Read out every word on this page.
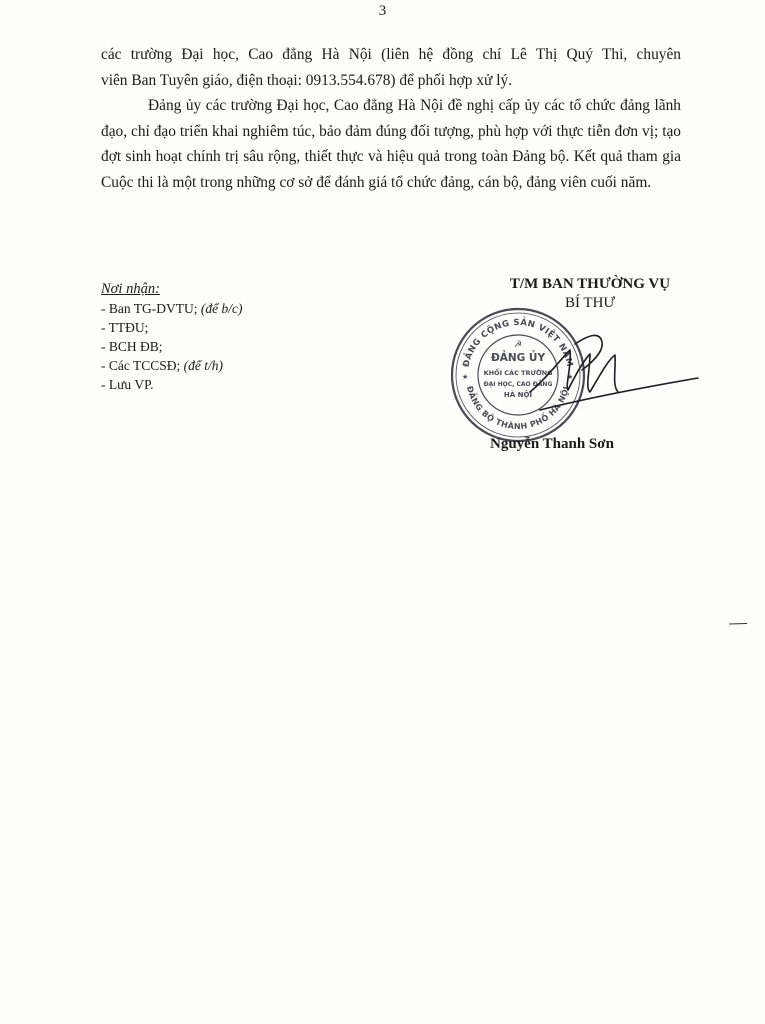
3

các trường Đại học, Cao đẳng Hà Nội (liên hệ đồng chí Lê Thị Quý Thi, chuyên

viên Ban Tuyên giáo, điện thoại: 0913.554.678) để phối hợp xử lý.

Đảng ủy các trường Đại học, Cao đẳng Hà Nội đề nghị cấp ủy các tổ chức đảng lãnh đạo, chỉ đạo triển khai nghiêm túc, bảo đảm đúng đối tượng, phù hợp với thực tiễn đơn vị; tạo đợt sinh hoạt chính trị sâu rộng, thiết thực và hiệu quả trong toàn Đảng bộ. Kết quả tham gia Cuộc thi là một trong những cơ sở để đánh giá tổ chức đảng, cán bộ, đảng viên cuối năm.

Nơi nhận:
- Ban TG-DVTU; (để b/c)
- TTĐU;
- BCH ĐB;
- Các TCCSĐ; (để t/h)
- Lưu VP.
T/M BAN THƯỜNG VỤ
BÍ THƯ
ĐẢNG CỘNG SẢN VIỆT NAM
ĐẢNG BỘ THÀNH PHỐ HÀ NỘI
ĐẢNG ỦY
KHỐI CÁC TRƯỜNG
ĐẠI HỌC, CAO ĐẲNG
HÀ NỘI
☭
★	★
Nguyễn Thanh Sơn
